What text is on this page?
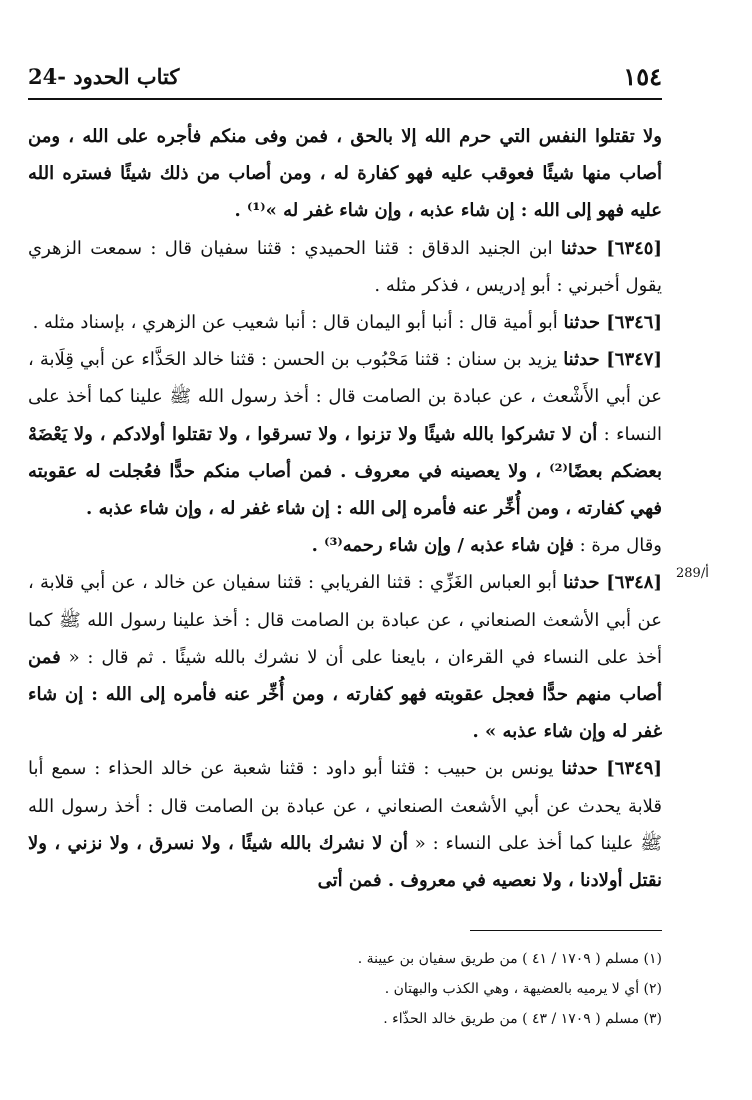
24- كتاب الحدود	١٥٤

ولا تقتلوا النفس التي حرم الله إلا بالحق ، فمن وفى منكم فأجره على الله ، ومن أصاب منها شيئًا فعوقب عليه فهو كفارة له ، ومن أصاب من ذلك شيئًا فستره الله عليه فهو إلى الله : إن شاء عذبه ، وإن شاء غفر له »⁽¹⁾ .

[٦٣٤٥] حدثنا ابن الجنيد الدقاق : قثنا الحميدي : قثنا سفيان قال : سمعت الزهري يقول أخبرني : أبو إدريس ، فذكر مثله .

[٦٣٤٦] حدثنا أبو أمية قال : أنبا أبو اليمان قال : أنبا شعيب عن الزهري ، بإسناد مثله .

[٦٣٤٧] حدثنا يزيد بن سنان : قثنا مَحْبُوب بن الحسن : قثنا خالد الحَذَّاء عن أبي قِلَابة ، عن أبي الأَشْعث ، عن عبادة بن الصامت قال : أخذ رسول الله ﷺ علينا كما أخذ على النساء : أن لا تشركوا بالله شيئًا ولا تزنوا ، ولا تسرقوا ، ولا تقتلوا أولادكم ، ولا يَعْضَهْ بعضكم بعضًا⁽²⁾ ، ولا يعصينه في معروف . فمن أصاب منكم حدًّا فعُجلت له عقوبته فهي كفارته ، ومن أُخِّر عنه فأمره إلى الله : إن شاء غفر له ، وإن شاء عذبه .

وقال مرة : فإن شاء عذبه / وإن شاء رحمه⁽³⁾ .

[٦٣٤٨] حدثنا أبو العباس الغَزِّي : قثنا الفريابي : قثنا سفيان عن خالد ، عن أبي قلابة ، عن أبي الأشعث الصنعاني ، عن عبادة بن الصامت قال : أخذ علينا رسول الله ﷺ كما أخذ على النساء في القرءان ، بايعنا على أن لا نشرك بالله شيئًا . ثم قال : « فمن أصاب منهم حدًّا فعجل عقوبته فهو كفارته ، ومن أُخِّر عنه فأمره إلى الله : إن شاء غفر له وإن شاء عذبه » .

[٦٣٤٩] حدثنا يونس بن حبيب : قثنا أبو داود : قثنا شعبة عن خالد الحذاء : سمع أبا قلابة يحدث عن أبي الأشعث الصنعاني ، عن عبادة بن الصامت قال : أخذ رسول الله ﷺ علينا كما أخذ على النساء : « أن لا نشرك بالله شيئًا ، ولا نسرق ، ولا نزني ، ولا نقتل أولادنا ، ولا نعصيه في معروف . فمن أتى

أ/289

(١) مسلم ( ١٧٠٩ / ٤١ ) من طريق سفيان بن عيينة .

(٢) أي لا يرميه بالعضيهة ، وهي الكذب والبهتان .

(٣) مسلم ( ١٧٠٩ / ٤٣ ) من طريق خالد الحذّاء .
